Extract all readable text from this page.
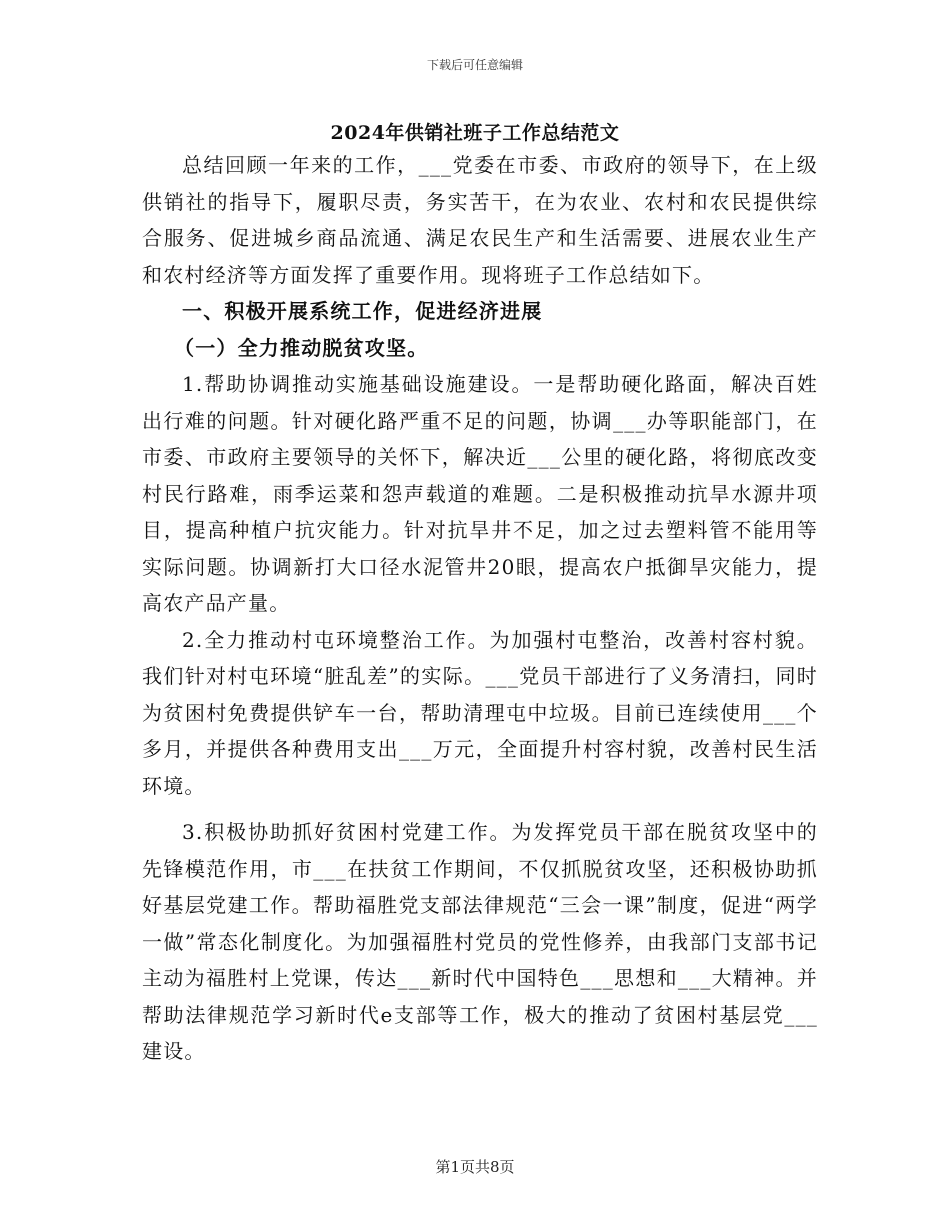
下载后可任意编辑
2024年供销社班子工作总结范文

总结回顾一年来的工作，___党委在市委、市政府的领导下，在上级供销社的指导下，履职尽责，务实苦干，在为农业、农村和农民提供综合服务、促进城乡商品流通、满足农民生产和生活需要、进展农业生产和农村经济等方面发挥了重要作用。现将班子工作总结如下。

一、积极开展系统工作，促进经济进展

（一）全力推动脱贫攻坚。

1.帮助协调推动实施基础设施建设。一是帮助硬化路面，解决百姓出行难的问题。针对硬化路严重不足的问题，协调___办等职能部门，在市委、市政府主要领导的关怀下，解决近___公里的硬化路，将彻底改变村民行路难，雨季运菜和怨声载道的难题。二是积极推动抗旱水源井项目，提高种植户抗灾能力。针对抗旱井不足，加之过去塑料管不能用等实际问题。协调新打大口径水泥管井20眼，提高农户抵御旱灾能力，提高农产品产量。

2.全力推动村屯环境整治工作。为加强村屯整治，改善村容村貌。我们针对村屯环境“脏乱差”的实际。___党员干部进行了义务清扫，同时为贫困村免费提供铲车一台，帮助清理屯中垃圾。目前已连续使用___个多月，并提供各种费用支出___万元，全面提升村容村貌，改善村民生活环境。

3.积极协助抓好贫困村党建工作。为发挥党员干部在脱贫攻坚中的先锋模范作用，市___在扶贫工作期间，不仅抓脱贫攻坚，还积极协助抓好基层党建工作。帮助福胜党支部法律规范“三会一课”制度，促进“两学一做”常态化制度化。为加强福胜村党员的党性修养，由我部门支部书记主动为福胜村上党课，传达___新时代中国特色___思想和___大精神。并帮助法律规范学习新时代e支部等工作，极大的推动了贫困村基层党___建设。

第1页共8页
